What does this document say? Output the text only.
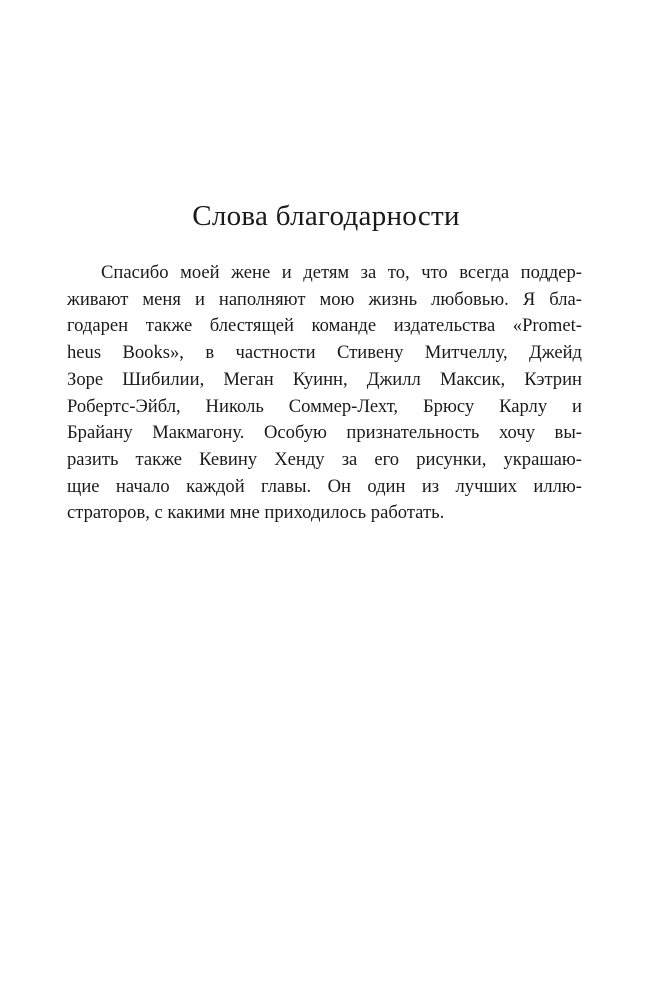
Слова благодарности
Спасибо моей жене и детям за то, что всегда поддер-
живают меня и наполняют мою жизнь любовью. Я бла-
годарен также блестящей команде издательства «Promet-
heus Books», в частности Стивену Митчеллу, Джейд
Зоре Шибилии, Меган Куинн, Джилл Максик, Кэтрин
Робертс-Эйбл, Николь Соммер-Лехт, Брюсу Карлу и
Брайану Макмагону. Особую признательность хочу вы-
разить также Кевину Хенду за его рисунки, украшаю-
щие начало каждой главы. Он один из лучших иллю-
страторов, с какими мне приходилось работать.
